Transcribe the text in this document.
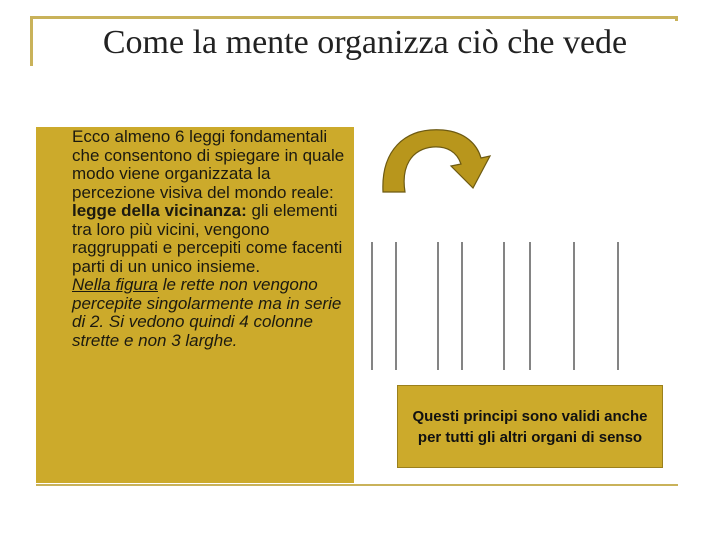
Come la mente organizza ciò che vede

Ecco almeno 6 leggi fondamentali che consentono di spiegare in quale modo viene organizzata la percezione visiva del mondo reale:

legge della vicinanza: gli elementi tra loro più vicini, vengono raggruppati e percepiti come facenti parti di un unico insieme.

Nella figura le rette non vengono percepite singolarmente ma in serie di 2. Si vedono quindi 4 colonne strette e non 3 larghe.

Questi principi sono validi anche per tutti gli altri organi di senso
